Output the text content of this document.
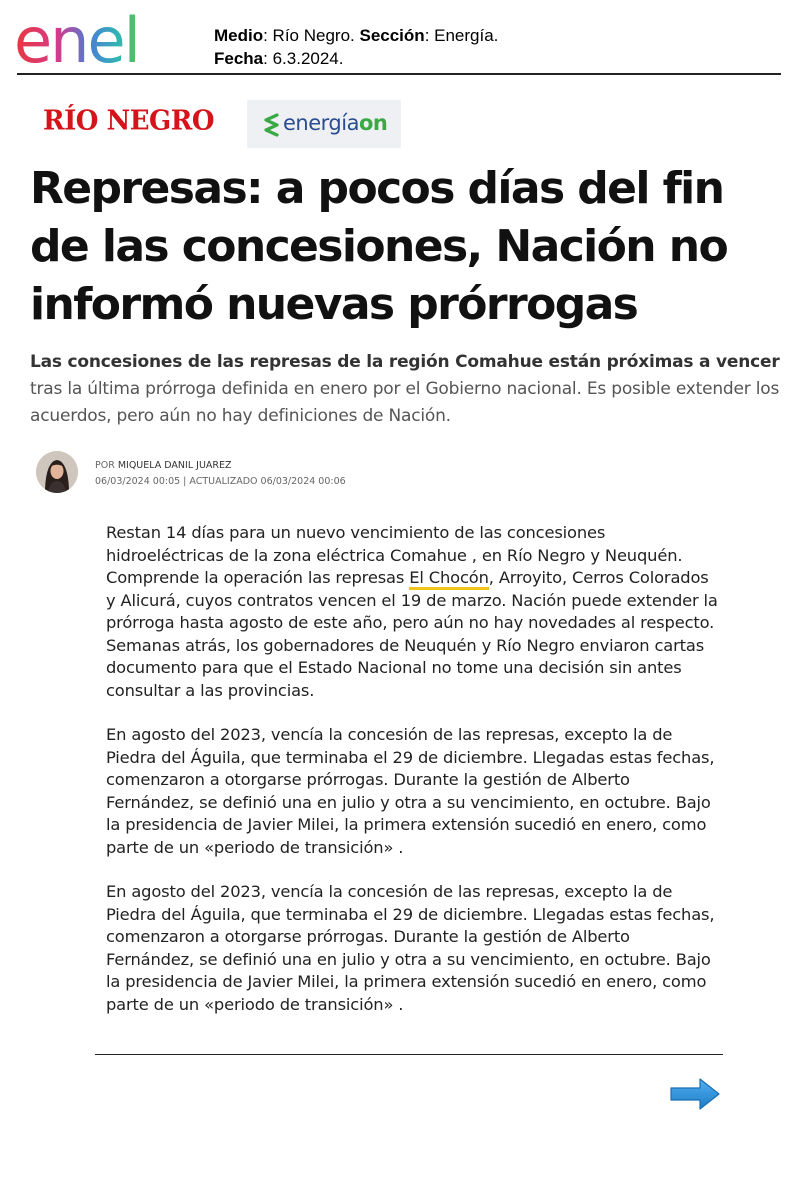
enel	Medio: Río Negro. Sección: Energía.
Fecha: 6.3.2024.
RÍO NEGRO	energíaon
Represas: a pocos días del fin de las concesiones, Nación no informó nuevas prórrogas

Las concesiones de las represas de la región Comahue están próximas a vencer tras la última prórroga definida en enero por el Gobierno nacional. Es posible extender los acuerdos, pero aún no hay definiciones de Nación.

POR MIQUELA DANIL JUAREZ
06/03/2024 00:05 | ACTUALIZADO 06/03/2024 00:06

Restan 14 días para un nuevo vencimiento de las concesiones hidroeléctricas de la zona eléctrica Comahue , en Río Negro y Neuquén. Comprende la operación las represas El Chocón, Arroyito, Cerros Colorados y Alicurá, cuyos contratos vencen el 19 de marzo. Nación puede extender la prórroga hasta agosto de este año, pero aún no hay novedades al respecto. Semanas atrás, los gobernadores de Neuquén y Río Negro enviaron cartas documento para que el Estado Nacional no tome una decisión sin antes consultar a las provincias.

En agosto del 2023, vencía la concesión de las represas, excepto la de Piedra del Águila, que terminaba el 29 de diciembre. Llegadas estas fechas, comenzaron a otorgarse prórrogas. Durante la gestión de Alberto Fernández, se definió una en julio y otra a su vencimiento, en octubre. Bajo la presidencia de Javier Milei, la primera extensión sucedió en enero, como parte de un «periodo de transición» .

En agosto del 2023, vencía la concesión de las represas, excepto la de Piedra del Águila, que terminaba el 29 de diciembre. Llegadas estas fechas, comenzaron a otorgarse prórrogas. Durante la gestión de Alberto Fernández, se definió una en julio y otra a su vencimiento, en octubre. Bajo la presidencia de Javier Milei, la primera extensión sucedió en enero, como parte de un «periodo de transición» .
